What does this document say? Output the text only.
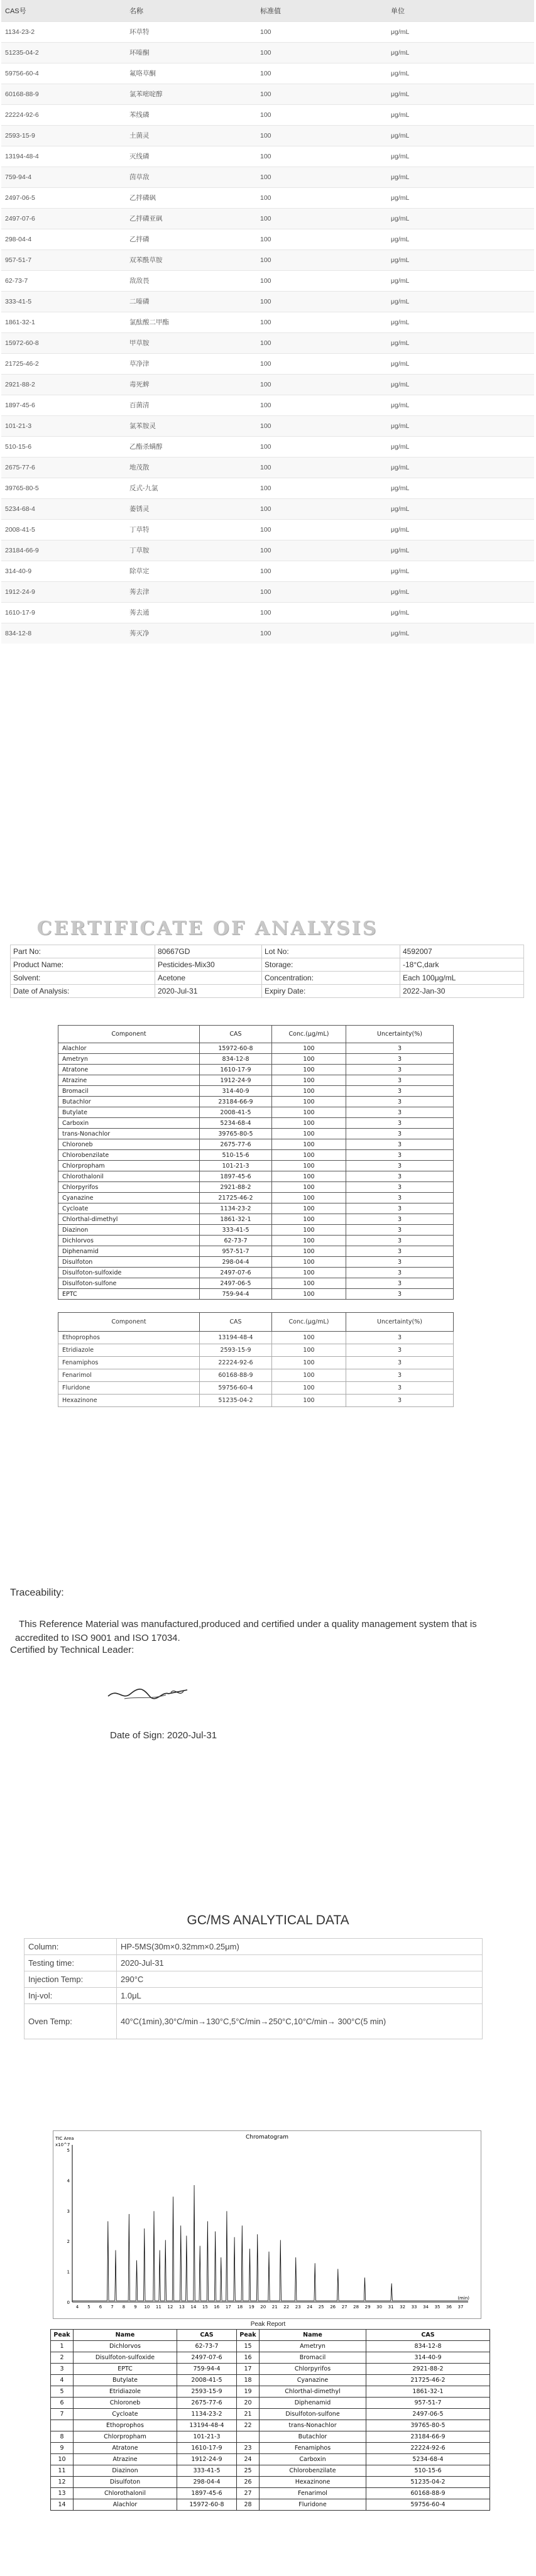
CAS号	名称	标准值	单位
1134-23-2	环草特	100	μg/mL
51235-04-2	环嗪酮	100	μg/mL
59756-60-4	氟咯草酮	100	μg/mL
60168-88-9	氯苯嘧啶醇	100	μg/mL
22224-92-6	苯线磷	100	μg/mL
2593-15-9	土菌灵	100	μg/mL
13194-48-4	灭线磷	100	μg/mL
759-94-4	茵草敌	100	μg/mL
2497-06-5	乙拌磷砜	100	μg/mL
2497-07-6	乙拌磷亚砜	100	μg/mL
298-04-4	乙拌磷	100	μg/mL
957-51-7	双苯酰草胺	100	μg/mL
62-73-7	敌敌畏	100	μg/mL
333-41-5	二嗪磷	100	μg/mL
1861-32-1	氯酞酸二甲酯	100	μg/mL
15972-60-8	甲草胺	100	μg/mL
21725-46-2	草净津	100	μg/mL
2921-88-2	毒死蜱	100	μg/mL
1897-45-6	百菌清	100	μg/mL
101-21-3	氯苯胺灵	100	μg/mL
510-15-6	乙酯杀螨醇	100	μg/mL
2675-77-6	地茂散	100	μg/mL
39765-80-5	反式-九氯	100	μg/mL
5234-68-4	萎锈灵	100	μg/mL
2008-41-5	丁草特	100	μg/mL
23184-66-9	丁草胺	100	μg/mL
314-40-9	除草定	100	μg/mL
1912-24-9	莠去津	100	μg/mL
1610-17-9	莠去通	100	μg/mL
834-12-8	莠灭净	100	μg/mL
CERTIFICATE OF ANALYSIS
Part No:	80667GD	Lot No:	4592007
Product Name:	Pesticides-Mix30	Storage:	-18°C,dark
Solvent:	Acetone	Concentration:	Each 100μg/mL
Date of Analysis:	2020-Jul-31	Expiry Date:	2022-Jan-30
Component	CAS	Conc.(μg/mL)	Uncertainty(%)
Alachlor	15972-60-8	100	3
Ametryn	834-12-8	100	3
Atratone	1610-17-9	100	3
Atrazine	1912-24-9	100	3
Bromacil	314-40-9	100	3
Butachlor	23184-66-9	100	3
Butylate	2008-41-5	100	3
Carboxin	5234-68-4	100	3
trans-Nonachlor	39765-80-5	100	3
Chloroneb	2675-77-6	100	3
Chlorobenzilate	510-15-6	100	3
Chlorpropham	101-21-3	100	3
Chlorothalonil	1897-45-6	100	3
Chlorpyrifos	2921-88-2	100	3
Cyanazine	21725-46-2	100	3
Cycloate	1134-23-2	100	3
Chlorthal-dimethyl	1861-32-1	100	3
Diazinon	333-41-5	100	3
Dichlorvos	62-73-7	100	3
Diphenamid	957-51-7	100	3
Disulfoton	298-04-4	100	3
Disulfoton-sulfoxide	2497-07-6	100	3
Disulfoton-sulfone	2497-06-5	100	3
EPTC	759-94-4	100	3
Component	CAS	Conc.(μg/mL)	Uncertainty(%)
Ethoprophos	13194-48-4	100	3
Etridiazole	2593-15-9	100	3
Fenamiphos	22224-92-6	100	3
Fenarimol	60168-88-9	100	3
Fluridone	59756-60-4	100	3
Hexazinone	51235-04-2	100	3
Traceability:
This Reference Material was manufactured,produced and certified under a quality management system that is accredited to ISO 9001 and ISO 17034.
Certified by Technical Leader:
Date of Sign: 2020-Jul-31
GC/MS ANALYTICAL DATA
Column:	HP-5MS(30m×0.32mm×0.25μm)
Testing time:	2020-Jul-31
Injection Temp:	290°C
Inj-vol:	1.0μL
Oven Temp:	40°C(1min),30°C/min→130°C,5°C/min→250°C,10°C/min→ 300°C(5 min)
Chromatogram
TIC Area
x10^7
5
4
3
2
1
0
4 5 6 7 8 9 10 11 12 13 14 15 16 17 18 19 20 21 22 23 24 25 26 27 28 29 30 31 32 33 34 35 36 37
(min)
Peak Report
Peak	Name	CAS	Peak	Name	CAS
1	Dichlorvos	62-73-7	15	Ametryn	834-12-8
2	Disulfoton-sulfoxide	2497-07-6	16	Bromacil	314-40-9
3	EPTC	759-94-4	17	Chlorpyrifos	2921-88-2
4	Butylate	2008-41-5	18	Cyanazine	21725-46-2
5	Etridiazole	2593-15-9	19	Chlorthal-dimethyl	1861-32-1
6	Chloroneb	2675-77-6	20	Diphenamid	957-51-7
7	Cycloate	1134-23-2	21	Disulfoton-sulfone	2497-06-5
	Ethoprophos	13194-48-4	22	trans-Nonachlor	39765-80-5
8	Chlorpropham	101-21-3		Butachlor	23184-66-9
9	Atratone	1610-17-9	23	Fenamiphos	22224-92-6
10	Atrazine	1912-24-9	24	Carboxin	5234-68-4
11	Diazinon	333-41-5	25	Chlorobenzilate	510-15-6
12	Disulfoton	298-04-4	26	Hexazinone	51235-04-2
13	Chlorothalonil	1897-45-6	27	Fenarimol	60168-88-9
14	Alachlor	15972-60-8	28	Fluridone	59756-60-4
